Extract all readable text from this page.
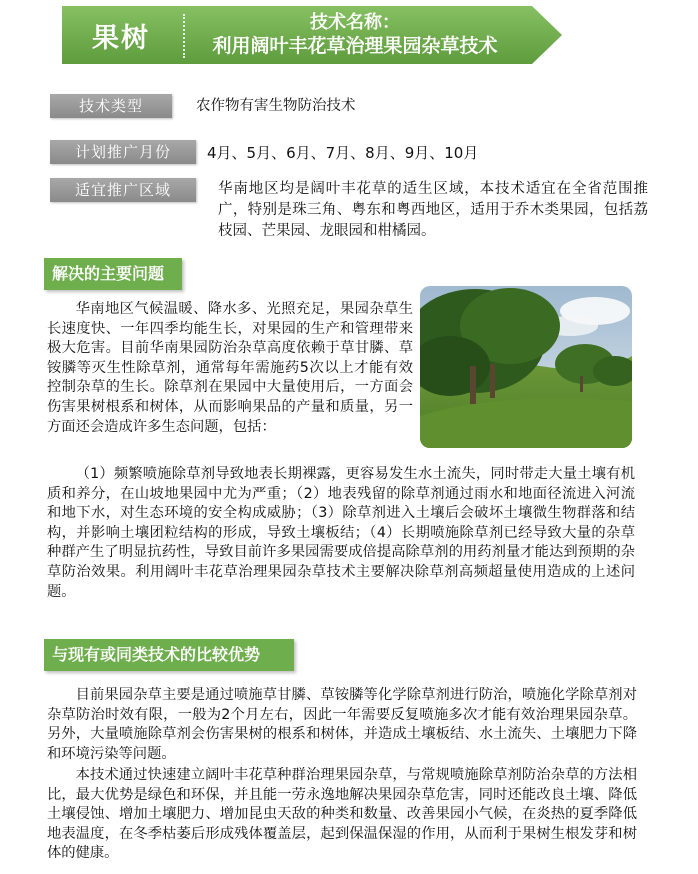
果树	技术名称：
利用阔叶丰花草治理果园杂草技术
技术类型	农作物有害生物防治技术
计划推广月份	4月、5月、6月、7月、8月、9月、10月
适宜推广区域	华南地区均是阔叶丰花草的适生区域，本技术适宜在全省范围推广，特别是珠三角、粤东和粤西地区，适用于乔木类果园，包括荔枝园、芒果园、龙眼园和柑橘园。
解决的主要问题
华南地区气候温暖、降水多、光照充足，果园杂草生长速度快、一年四季均能生长，对果园的生产和管理带来极大危害。目前华南果园防治杂草高度依赖于草甘膦、草铵膦等灭生性除草剂，通常每年需施药5次以上才能有效控制杂草的生长。除草剂在果园中大量使用后，一方面会伤害果树根系和树体，从而影响果品的产量和质量，另一方面还会造成许多生态问题，包括：
（1）频繁喷施除草剂导致地表长期裸露，更容易发生水土流失，同时带走大量土壤有机质和养分，在山坡地果园中尤为严重；（2）地表残留的除草剂通过雨水和地面径流进入河流和地下水，对生态环境的安全构成威胁；（3）除草剂进入土壤后会破坏土壤微生物群落和结构，并影响土壤团粒结构的形成，导致土壤板结；（4）长期喷施除草剂已经导致大量的杂草种群产生了明显抗药性，导致目前许多果园需要成倍提高除草剂的用药剂量才能达到预期的杂草防治效果。利用阔叶丰花草治理果园杂草技术主要解决除草剂高频超量使用造成的上述问题。
与现有或同类技术的比较优势
目前果园杂草主要是通过喷施草甘膦、草铵膦等化学除草剂进行防治，喷施化学除草剂对杂草防治时效有限，一般为2个月左右，因此一年需要反复喷施多次才能有效治理果园杂草。另外，大量喷施除草剂会伤害果树的根系和树体，并造成土壤板结、水土流失、土壤肥力下降和环境污染等问题。
本技术通过快速建立阔叶丰花草种群治理果园杂草，与常规喷施除草剂防治杂草的方法相比，最大优势是绿色和环保，并且能一劳永逸地解决果园杂草危害，同时还能改良土壤、降低土壤侵蚀、增加土壤肥力、增加昆虫天敌的种类和数量、改善果园小气候，在炎热的夏季降低地表温度，在冬季枯萎后形成残体覆盖层，起到保温保湿的作用，从而利于果树生根发芽和树体的健康。
